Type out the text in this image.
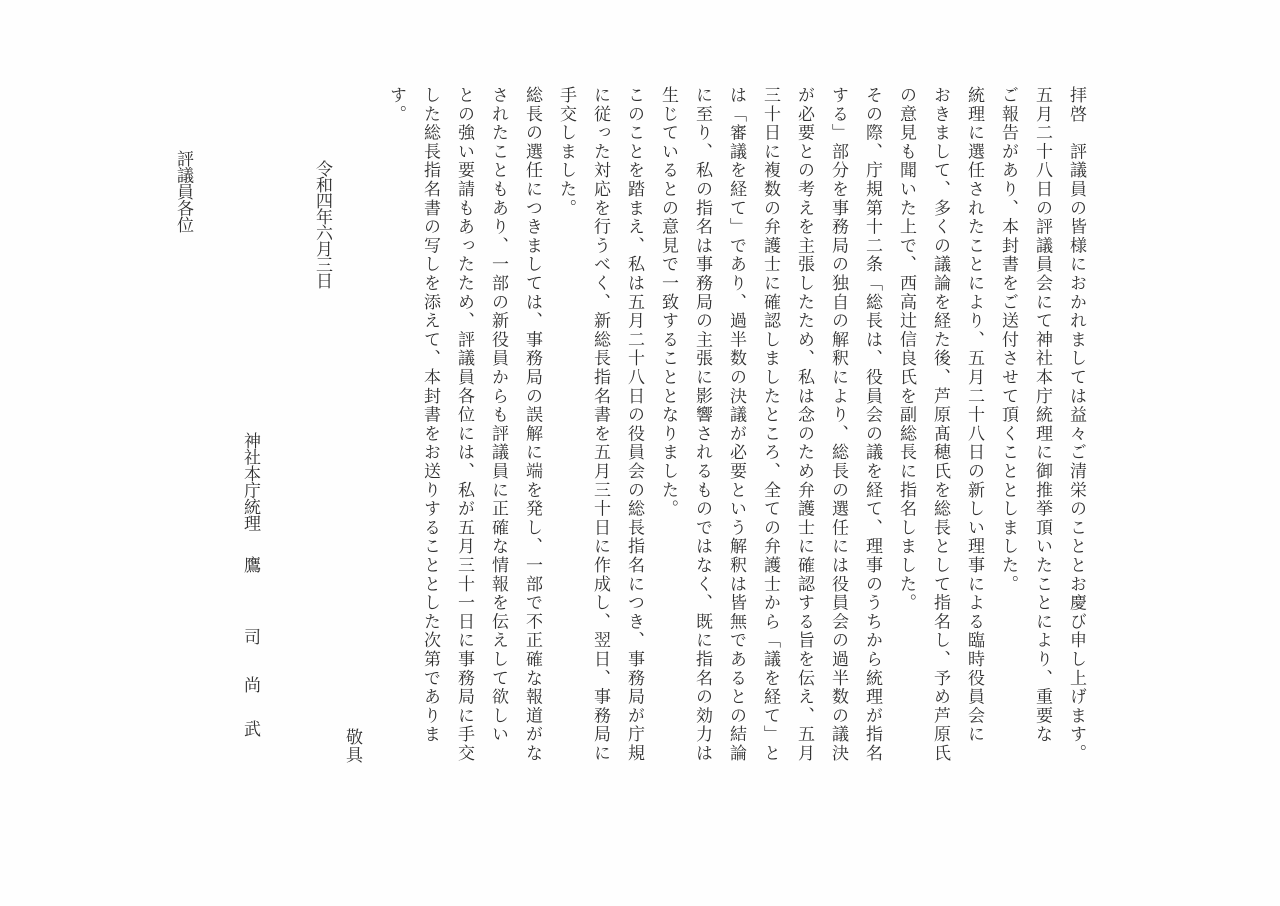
拝啓　評議員の皆様におかれましては益々ご清栄のこととお慶び申し上げます。
五月二十八日の評議員会にて神社本庁統理に御推挙頂いたことにより、重要な
ご報告があり、本封書をご送付させて頂くこととしました。
統理に選任されたことにより、五月二十八日の新しい理事による臨時役員会に
おきまして、多くの議論を経た後、芦原髙穂氏を総長として指名し、予め芦原氏
の意見も聞いた上で、西高辻信良氏を副総長に指名しました。
その際、庁規第十二条「総長は、役員会の議を経て、理事のうちから統理が指名
する」部分を事務局の独自の解釈により、総長の選任には役員会の過半数の議決
が必要との考えを主張したため、私は念のため弁護士に確認する旨を伝え、五月
三十日に複数の弁護士に確認しましたところ、全ての弁護士から「議を経て」と
は「審議を経て」であり、過半数の決議が必要という解釈は皆無であるとの結論
に至り、私の指名は事務局の主張に影響されるものではなく、既に指名の効力は
生じているとの意見で一致することとなりました。
このことを踏まえ、私は五月二十八日の役員会の総長指名につき、事務局が庁規
に従った対応を行うべく、新総長指名書を五月三十日に作成し、翌日、事務局に
手交しました。
総長の選任につきましては、事務局の誤解に端を発し、一部で不正確な報道がな
されたこともあり、一部の新役員からも評議員に正確な情報を伝えして欲しい
との強い要請もあったため、評議員各位には、私が五月三十一日に事務局に手交
した総長指名書の写しを添えて、本封書をお送りすることとした次第でありま
す。
敬具
令和四年六月三日
神社本庁統理
鷹
司
尚
武
評議員各位
